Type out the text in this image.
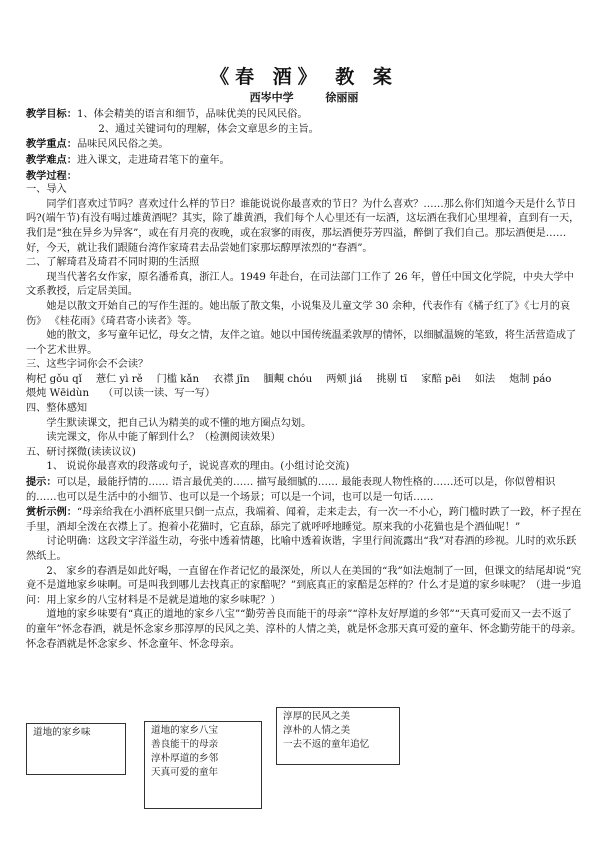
《春 酒》 教 案
西岑中学	徐丽丽

教学目标：1、体会精美的语言和细节，品味优美的民风民俗。

2、通过关键词句的理解，体会文章思乡的主旨。

教学重点：品味民风民俗之美。

教学难点：进入课文，走进琦君笔下的童年。

教学过程：

一、导入

同学们喜欢过节吗？喜欢过什么样的节日？谁能说说你最喜欢的节日？为什么喜欢？……那么你们知道今天是什么节日吗?(端午节)有没有喝过雄黄酒呢？其实，除了雄黄酒，我们每个人心里还有一坛酒，这坛酒在我们心里埋着，直到有一天，我们是“独在异乡为异客”，或在有月亮的夜晚，或在寂寥的雨夜，那坛酒便芬芳四溢，醉倒了我们自己。那坛酒便是……好，今天，就让我们跟随台湾作家琦君去品尝她们家那坛醇厚浓烈的“春酒”。

二、了解琦君及琦君不同时期的生活照

现当代著名女作家，原名潘希真，浙江人。1949 年赴台，在司法部门工作了 26 年，曾任中国文化学院，中央大学中文系教授，后定居美国。

她是以散文开始自己的写作生涯的。她出版了散文集，小说集及儿童文学 30 余种，代表作有《橘子红了》《七月的哀伤》 《桂花雨》《琦君寄小读者》等。

她的散文，多写童年记忆，母女之情，友伴之谊。她以中国传统温柔敦厚的情怀，以细腻温婉的笔致，将生活营造成了一个艺术世界。

三、这些字词你会不会读？

枸杞 gǒu qǐ 薏仁 yì rě 门槛 kǎn 衣襟 jīn 腼覥 chóu 两颊 jiá 挑剔 tī 家醅 pēi 如法 炮制 páo
煨炖 Wēidùn （可以读一读、写一写）

四、整体感知

学生默读课文，把自己认为精美的或不懂的地方圈点勾划。

读完课文，你从中能了解到什么？（检测阅读效果）

五、研讨探微(读读议议)

1、 说说你最喜欢的段落或句子，说说喜欢的理由。(小组讨论交流)

提示：可以是，最能抒情的…… 语言最优美的…… 描写最细腻的…… 最能表现人物性格的……还可以是，你似曾相识的……也可以是生活中的小细节、也可以是一个场景；可以是一个词，也可以是一句话……

赏析示例：“母亲给我在小酒杯底里只倒一点点，我端着、闻着，走来走去，有一次一不小心，跨门槛时跌了一跤，杯子捏在手里，酒却全泼在衣襟上了。抱着小花猫时，它直舔，舔完了就呼呼地睡觉。原来我的小花猫也是个酒仙呢！”

讨论明确：这段文字洋溢生动，夸张中透着情趣，比喻中透着诙谐，字里行间流露出“我”对春酒的珍视。儿时的欢乐跃然纸上。

2、 家乡的春酒是如此好喝，一直留在作者记忆的最深处，所以人在美国的“我”如法炮制了一回，但课文的结尾却说“究竟不是道地家乡味啊。可是叫我到哪儿去找真正的家醅呢？”到底真正的家醅是怎样的？什么才是道的家乡味呢？（进一步追问：用上家乡的八宝材料是不是就是道地的家乡味呢？）

道地的家乡味要有“真正的道地的家乡八宝”“勤劳善良而能干的母亲”“淳朴友好厚道的乡邻”“天真可爱而又一去不返了的童年”怀念春酒，就是怀念家乡那淳厚的民风之美、淳朴的人情之美，就是怀念那天真可爱的童年、怀念勤劳能干的母亲。怀念春酒就是怀念家乡、怀念童年、怀念母亲。

道地的家乡味	道地的家乡八宝
善良能干的母亲
淳朴厚道的乡邻
天真可爱的童年
淳厚的民风之美
淳朴的人情之美
一去不返的童年追忆
